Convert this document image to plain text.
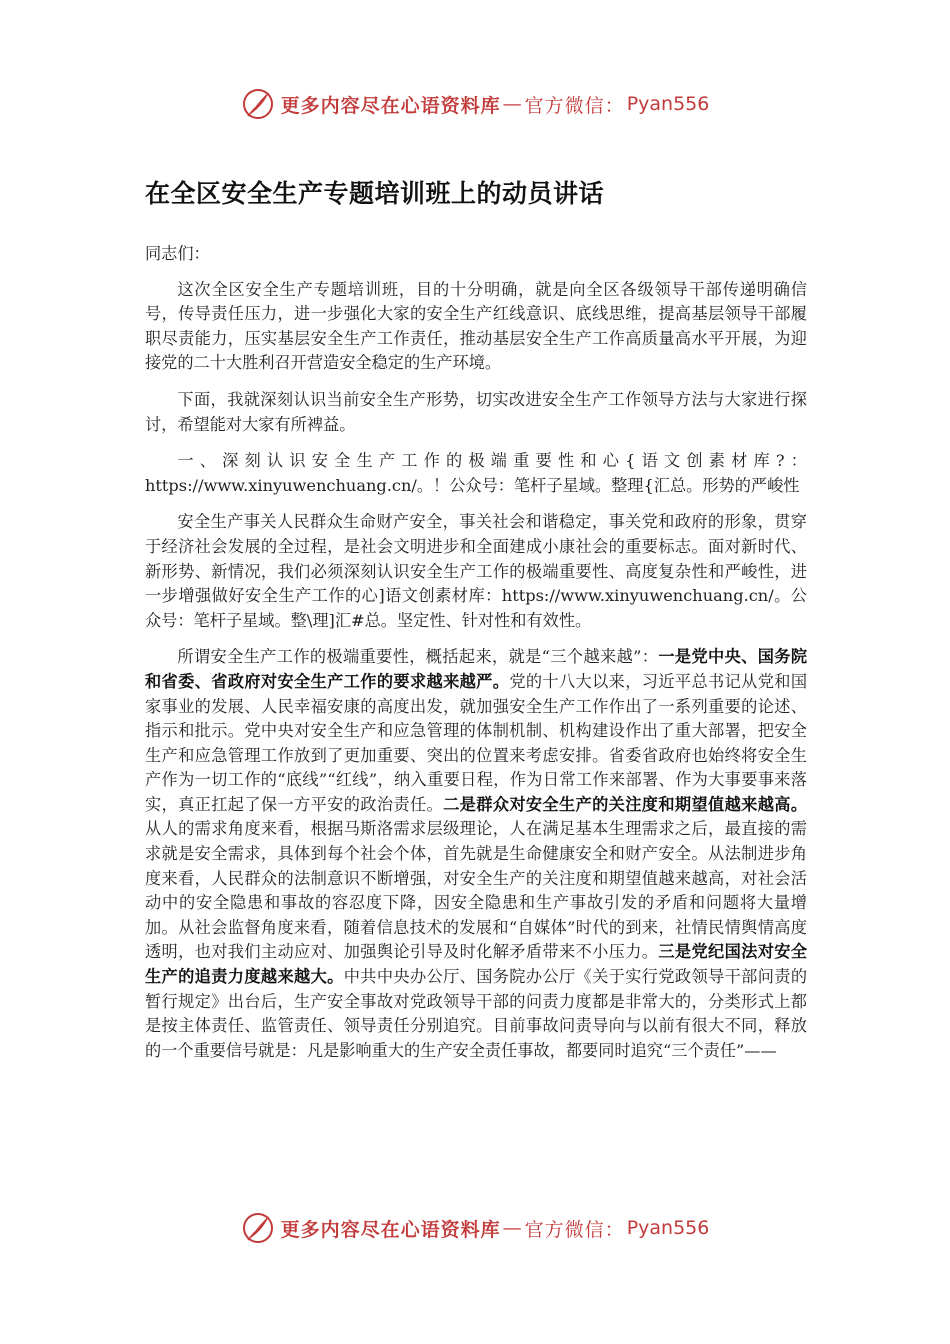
更多内容尽在心语资料库 — 官方微信： Pyan556
在全区安全生产专题培训班上的动员讲话

同志们：

这次全区安全生产专题培训班，目的十分明确，就是向全区各级领导干部传递明确信号，传导责任压力，进一步强化大家的安全生产红线意识、底线思维，提高基层领导干部履职尽责能力，压实基层安全生产工作责任，推动基层安全生产工作高质量高水平开展，为迎接党的二十大胜利召开营造安全稳定的生产环境。

下面，我就深刻认识当前安全生产形势，切实改进安全生产工作领导方法与大家进行探讨，希望能对大家有所裨益。

一、深刻认识安全生产工作的极端重要性和心{语文创素材库?：https://www.xinyuwenchuang.cn/。！公众号：笔杆子星域。整理{汇总。形势的严峻性

安全生产事关人民群众生命财产安全，事关社会和谐稳定，事关党和政府的形象，贯穿于经济社会发展的全过程，是社会文明进步和全面建成小康社会的重要标志。面对新时代、新形势、新情况，我们必须深刻认识安全生产工作的极端重要性、高度复杂性和严峻性，进一步增强做好安全生产工作的心]语文创素材库：https://www.xinyuwenchuang.cn/。公众号：笔杆子星域。整\理]汇#总。坚定性、针对性和有效性。

所谓安全生产工作的极端重要性，概括起来，就是“三个越来越”：一是党中央、国务院和省委、省政府对安全生产工作的要求越来越严。党的十八大以来，习近平总书记从党和国家事业的发展、人民幸福安康的高度出发，就加强安全生产工作作出了一系列重要的论述、指示和批示。党中央对安全生产和应急管理的体制机制、机构建设作出了重大部署，把安全生产和应急管理工作放到了更加重要、突出的位置来考虑安排。省委省政府也始终将安全生产作为一切工作的“底线”“红线”，纳入重要日程，作为日常工作来部署、作为大事要事来落实，真正扛起了保一方平安的政治责任。二是群众对安全生产的关注度和期望值越来越高。从人的需求角度来看，根据马斯洛需求层级理论，人在满足基本生理需求之后，最直接的需求就是安全需求，具体到每个社会个体，首先就是生命健康安全和财产安全。从法制进步角度来看，人民群众的法制意识不断增强，对安全生产的关注度和期望值越来越高，对社会活动中的安全隐患和事故的容忍度下降，因安全隐患和生产事故引发的矛盾和问题将大量增加。从社会监督角度来看，随着信息技术的发展和“自媒体”时代的到来，社情民情舆情高度透明，也对我们主动应对、加强舆论引导及时化解矛盾带来不小压力。三是党纪国法对安全生产的追责力度越来越大。中共中央办公厅、国务院办公厅《关于实行党政领导干部问责的暂行规定》出台后，生产安全事故对党政领导干部的问责力度都是非常大的，分类形式上都是按主体责任、监管责任、领导责任分别追究。目前事故问责导向与以前有很大不同，释放的一个重要信号就是：凡是影响重大的生产安全责任事故，都要同时追究“三个责任”——

更多内容尽在心语资料库 — 官方微信： Pyan556
